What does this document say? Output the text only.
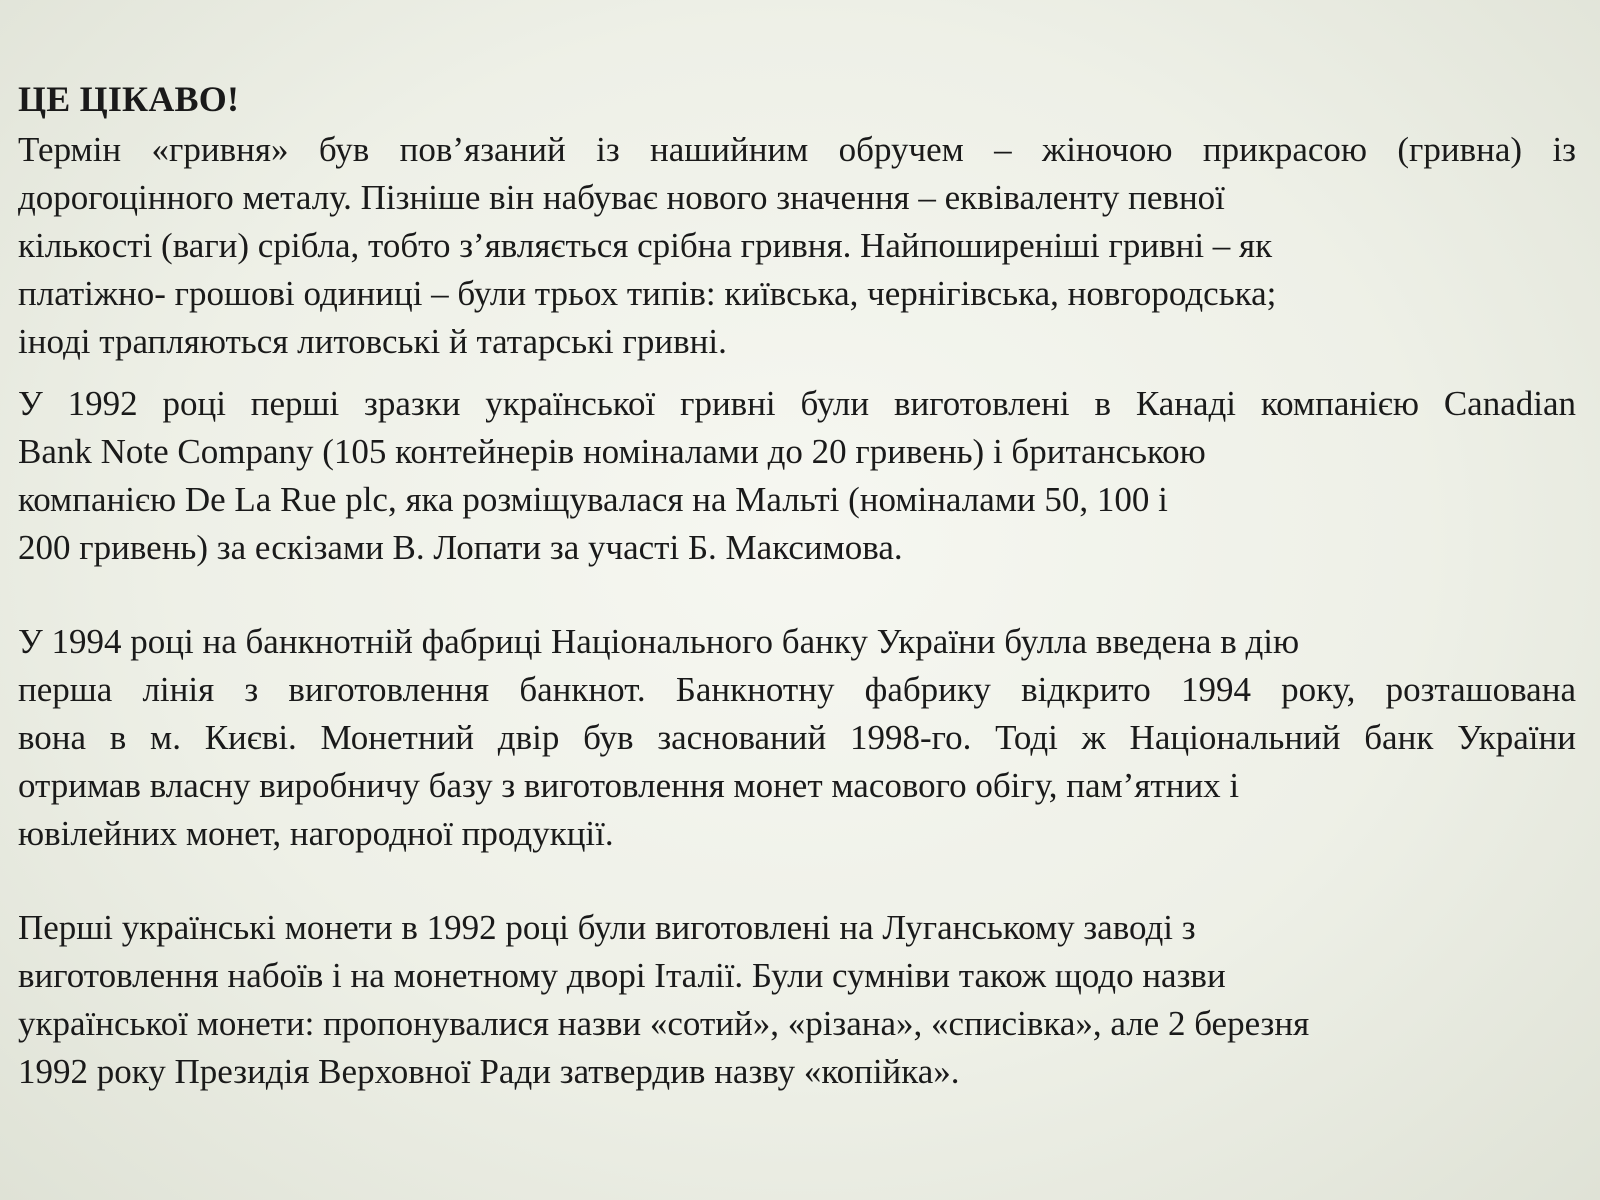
ЦЕ ЦІКАВО!

Термін «гривня» був пов’язаний із нашийним обручем – жіночою прикрасою (гривна) із
дорогоцінного металу. Пізніше він набуває нового значення – еквіваленту певної
кількості (ваги) срібла, тобто з’являється срібна гривня. Найпоширеніші гривні – як
платіжно- грошові одиниці – були трьох типів: київська, чернігівська, новгородська;
іноді трапляються литовські й татарські гривні.

У 1992 році перші зразки української гривні були виготовлені в Канаді компанією Canadian
Bank Note Company (105 контейнерів номіналами до 20 гривень) і британською
компанією De La Rue plc, яка розміщувалася на Мальті (номіналами 50, 100 і
200 гривень) за ескізами В. Лопати за участі Б. Максимова.

У 1994 році на банкнотній фабриці Національного банку України булла введена в дію
перша лінія з виготовлення банкнот. Банкнотну фабрику відкрито 1994 року, розташована
вона в м. Києві. Монетний двір був заснований 1998-го. Тоді ж Національний банк України
отримав власну виробничу базу з виготовлення монет масового обігу, пам’ятних і
ювілейних монет, нагородної продукції.

Перші українські монети в 1992 році були виготовлені на Луганському заводі з
виготовлення набоїв і на монетному дворі Італії. Були сумніви також щодо назви
української монети: пропонувалися назви «сотий», «різана», «списівка», але 2 березня
1992 року Президія Верховної Ради затвердив назву «копійка».
